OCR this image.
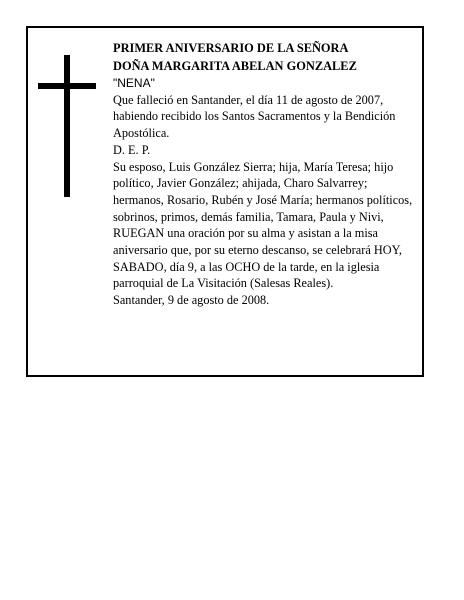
PRIMER ANIVERSARIO DE LA SEÑORA

DOÑA MARGARITA ABELAN GONZALEZ

"NENA"

Que falleció en Santander, el día 11 de agosto de 2007, habiendo recibido los Santos Sacramentos y la Bendición Apostólica.

D. E. P.

Su esposo, Luis González Sierra; hija, María Teresa; hijo político, Javier González; ahijada, Charo Salvarrey; hermanos, Rosario, Rubén y José María; hermanos políticos, sobrinos, primos, demás familia, Tamara, Paula y Nivi,

RUEGAN una oración por su alma y asistan a la misa aniversario que, por su eterno descanso, se celebrará HOY, SABADO, día 9, a las OCHO de la tarde, en la iglesia parroquial de La Visitación (Salesas Reales).

Santander, 9 de agosto de 2008.
